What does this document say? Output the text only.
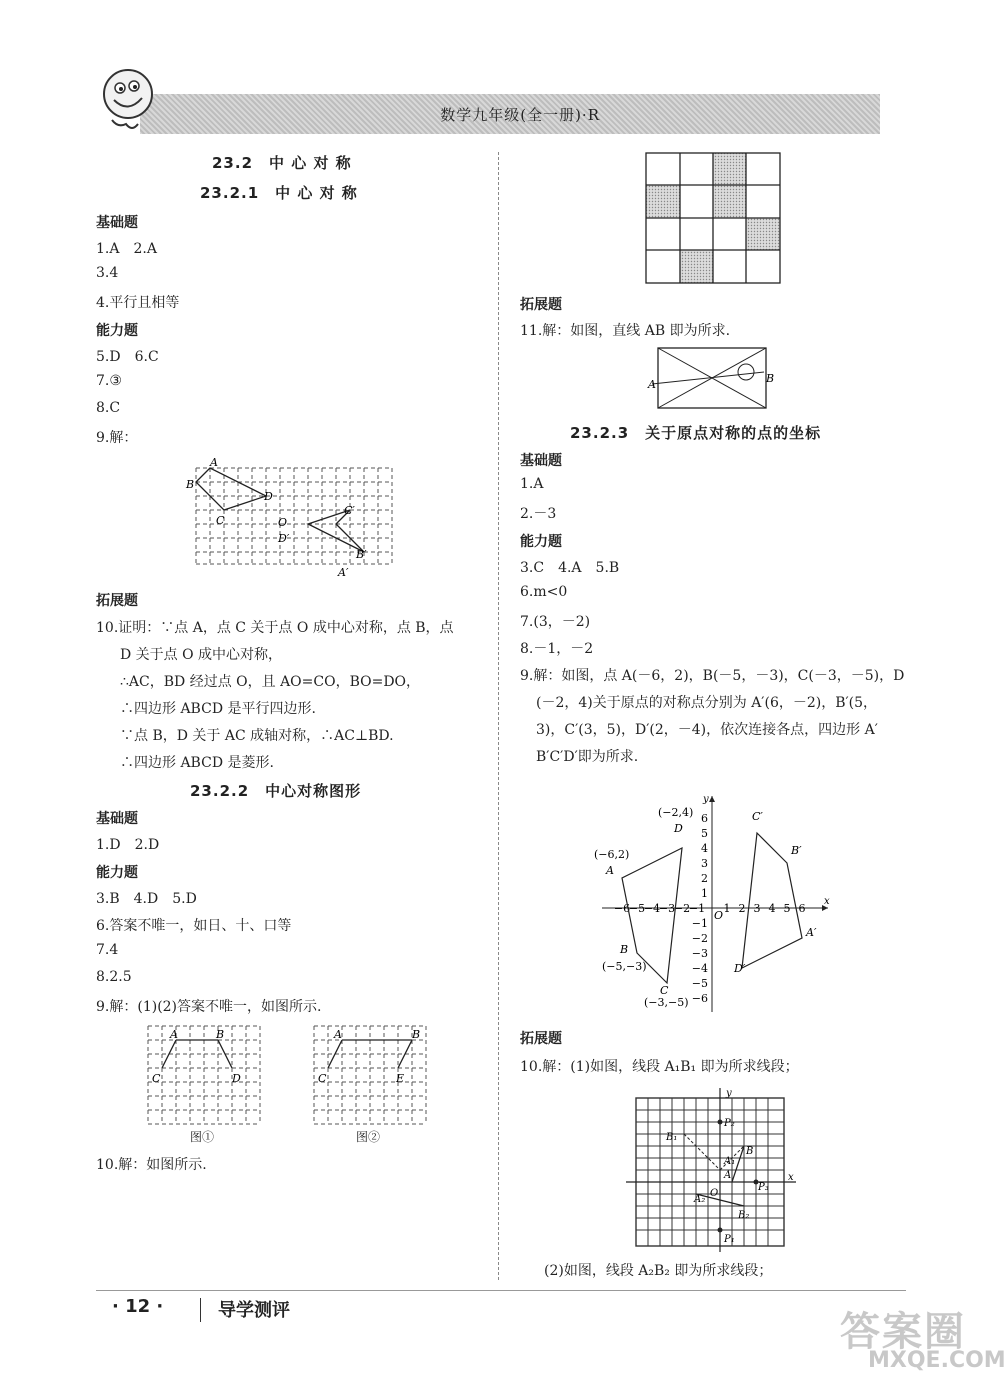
数学九年级(全一册)·R
23.2　中 心 对 称
23.2.1　中 心 对 称
基础题
1.A　2.A
3.4
4.平行且相等
能力题
5.D　6.C
7.③
8.C
9.解：
A
B
C
D
O
C′
D′
B′
A′
拓展题
10.证明：∵点 A，点 C 关于点 O 成中心对称，点 B，点
D 关于点 O 成中心对称，
∴AC，BD 经过点 O，且 AO=CO，BO=DO，
∴四边形 ABCD 是平行四边形.
∵点 B，D 关于 AC 成轴对称，∴AC⊥BD.
∴四边形 ABCD 是菱形.
23.2.2　中心对称图形
基础题
1.D　2.D
能力题
3.B　4.D　5.D
6.答案不唯一，如日、十、口等
7.4
8.2.5
9.解：(1)(2)答案不唯一，如图所示.
A	B
C	D
图①
A	B
C	E
图②
10.解：如图所示.
拓展题
11.解：如图，直线 AB 即为所求.
A	B
23.2.3　关于原点对称的点的坐标
基础题
1.A
2.－3
能力题
3.C　4.A　5.B
6.m<0
7.(3，－2)
8.－1，－2
9.解：如图，点 A(－6，2)，B(－5，－3)，C(－3，－5)，D
(－2，4)关于原点的对称点分别为 A′(6，－2)，B′(5，
3)，C′(3，5)，D′(2，－4)，依次连接各点，四边形 A′
B′C′D′即为所求.
y
x
O
−6
−5
−4
−3
−2
−1 1 2 3 4 5 6
6
5
4
3
2
1
−1
−2
−3
−4
−5
−6
A
B
C
D
A′
B′
C′
D′
(−6,2)
(−5,−3)
(−3,−5)
(−2,4)
拓展题
10.解：(1)如图，线段 A₁B₁ 即为所求线段；
y
x
O
A
B
B₁
A₁
A₂
B₂
P₂
P₁
P₃
(2)如图，线段 A₂B₂ 即为所求线段；
· 12 ·	导学测评	答案圈
MXQE.COM
